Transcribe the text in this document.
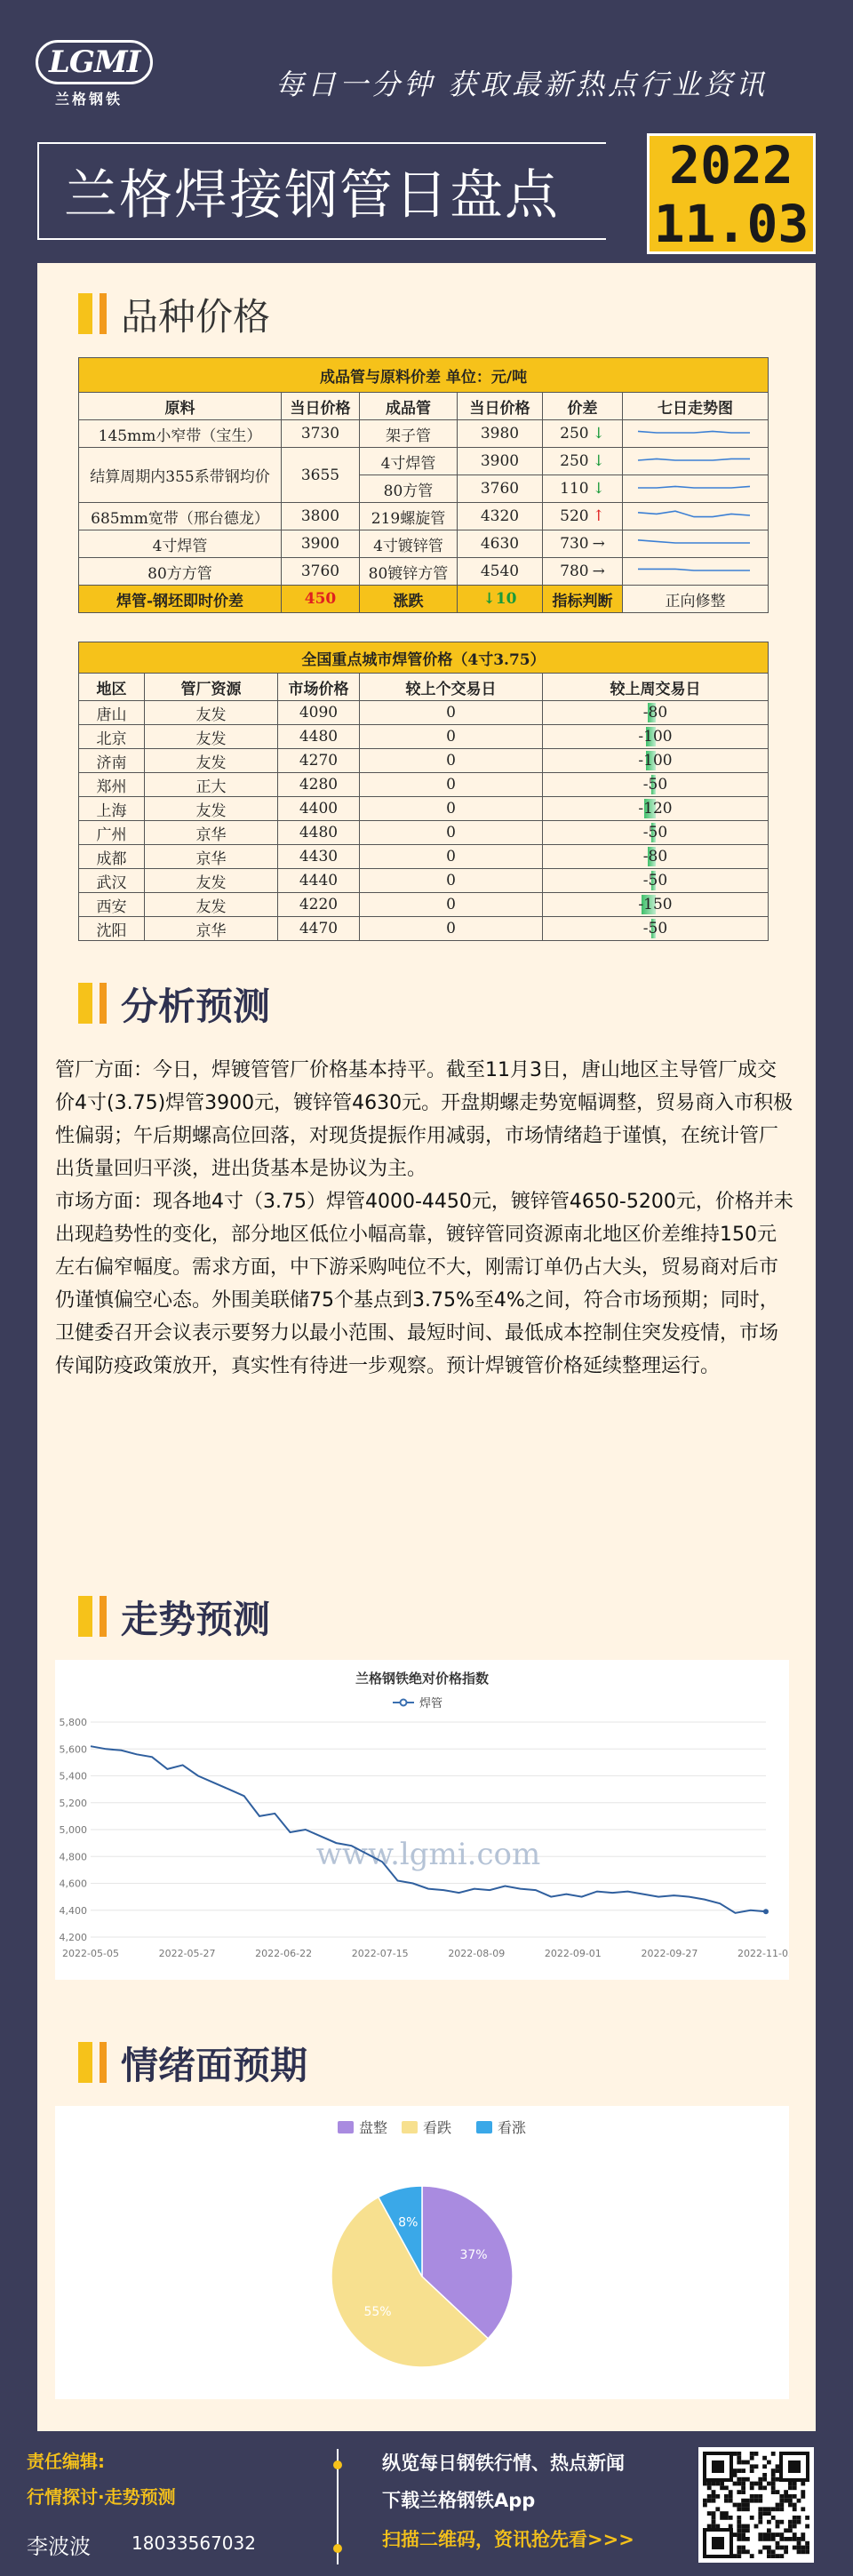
LGMI
兰格钢铁	每日一分钟 获取最新热点行业资讯
兰格焊接钢管日盘点	2022
11.03
品种价格
成品管与原料价差 单位：元/吨					
原料	当日价格	成品管	当日价格	价差	七日走势图
145mm小窄带（宝生）	3730	架子管	3980	250 ↓	

结算周期内355系带钢均价	3655	4寸焊管	3900	250 ↓	

		80方管	3760	110 ↓	

685mm宽带（邢台德龙）	3800	219螺旋管	4320	520 ↑	

4寸焊管	3900	4寸镀锌管	4630	730 →	

80方方管	3760	80镀锌方管	4540	780 →	

焊管-钢坯即时价差	450	涨跌	↓10	指标判断	正向修整
全国重点城市焊管价格（4寸3.75）				
地区	管厂资源	市场价格	较上个交易日	较上周交易日
唐山	友发	4090	0	-80
北京	友发	4480	0	-100
济南	友发	4270	0	-100
郑州	正大	4280	0	-50
上海	友发	4400	0	-120
广州	京华	4480	0	-50
成都	京华	4430	0	-80
武汉	友发	4440	0	-50
西安	友发	4220	0	-150
沈阳	京华	4470	0	-50
分析预测

管厂方面：今日，焊镀管管厂价格基本持平。截至11月3日，唐山地区主导管厂成交价4寸(3.75)焊管3900元，镀锌管4630元。开盘期螺走势宽幅调整，贸易商入市积极性偏弱；午后期螺高位回落，对现货提振作用减弱，市场情绪趋于谨慎，在统计管厂出货量回归平淡，进出货基本是协议为主。

市场方面：现各地4寸（3.75）焊管4000-4450元，镀锌管4650-5200元，价格并未出现趋势性的变化，部分地区低位小幅高靠，镀锌管同资源南北地区价差维持150元左右偏窄幅度。需求方面，中下游采购吨位不大，刚需订单仍占大头，贸易商对后市仍谨慎偏空心态。外围美联储75个基点到3.75%至4%之间，符合市场预期；同时，卫健委召开会议表示要努力以最小范围、最短时间、最低成本控制住突发疫情，市场传闻防疫政策放开，真实性有待进一步观察。预计焊镀管价格延续整理运行。

走势预测
兰格钢铁绝对价格指数
焊管
4,200
4,400
4,600
4,800
5,000
5,200
5,400
5,600
5,800
www.lgmi.com
2022-05-05	2022-05-27	2022-06-22	2022-07-15	2022-08-09	2022-09-01	2022-09-27	2022-11-03
情绪面预期
盘整 看跌	看涨
37%
55%
8%
责任编辑:
行情探讨·走势预测
李波波 18033567032
纵览每日钢铁行情、热点新闻
下载兰格钢铁App
扫描二维码，资讯抢先看>>>
